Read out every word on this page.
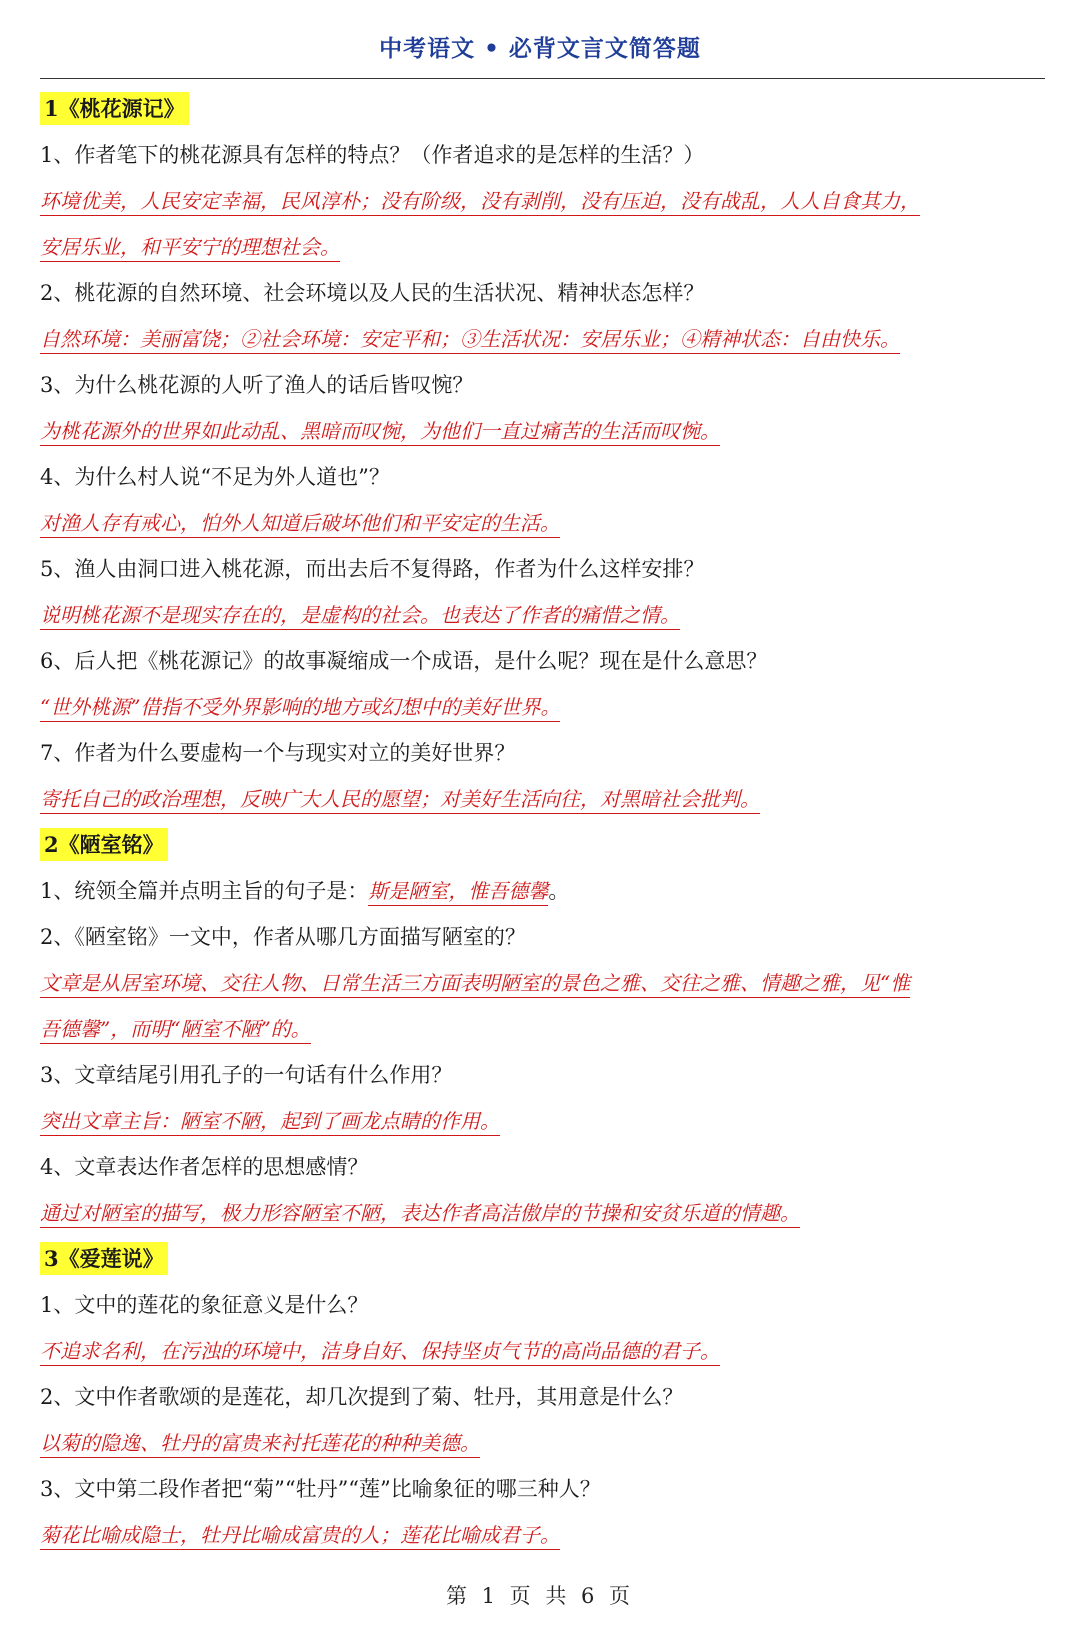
中考语文 • 必背文言文简答题
1《桃花源记》
1、作者笔下的桃花源具有怎样的特点？（作者追求的是怎样的生活？）
环境优美，人民安定幸福，民风淳朴；没有阶级，没有剥削，没有压迫，没有战乱，人人自食其力，
安居乐业，和平安宁的理想社会。
2、桃花源的自然环境、社会环境以及人民的生活状况、精神状态怎样？
自然环境：美丽富饶；②社会环境：安定平和；③生活状况：安居乐业；④精神状态：自由快乐。
3、为什么桃花源的人听了渔人的话后皆叹惋？
为桃花源外的世界如此动乱、黑暗而叹惋，为他们一直过痛苦的生活而叹惋。
4、为什么村人说“不足为外人道也”？
对渔人存有戒心，怕外人知道后破坏他们和平安定的生活。
5、渔人由洞口进入桃花源，而出去后不复得路，作者为什么这样安排？
说明桃花源不是现实存在的，是虚构的社会。也表达了作者的痛惜之情。
6、后人把《桃花源记》的故事凝缩成一个成语，是什么呢？现在是什么意思？
“世外桃源”借指不受外界影响的地方或幻想中的美好世界。
7、作者为什么要虚构一个与现实对立的美好世界？
寄托自己的政治理想，反映广大人民的愿望；对美好生活向往，对黑暗社会批判。
2《陋室铭》
1、统领全篇并点明主旨的句子是：斯是陋室，惟吾德馨。
2、《陋室铭》一文中，作者从哪几方面描写陋室的？
文章是从居室环境、交往人物、日常生活三方面表明陋室的景色之雅、交往之雅、情趣之雅，见“惟
吾德馨”，而明“陋室不陋”的。
3、文章结尾引用孔子的一句话有什么作用？
突出文章主旨：陋室不陋，起到了画龙点睛的作用。
4、文章表达作者怎样的思想感情？
通过对陋室的描写，极力形容陋室不陋，表达作者高洁傲岸的节操和安贫乐道的情趣。
3《爱莲说》
1、文中的莲花的象征意义是什么？
不追求名利，在污浊的环境中，洁身自好、保持坚贞气节的高尚品德的君子。
2、文中作者歌颂的是莲花，却几次提到了菊、牡丹，其用意是什么？
以菊的隐逸、牡丹的富贵来衬托莲花的种种美德。
3、文中第二段作者把“菊”“牡丹”“莲”比喻象征的哪三种人？
菊花比喻成隐士，牡丹比喻成富贵的人；莲花比喻成君子。
第 1 页 共 6 页
